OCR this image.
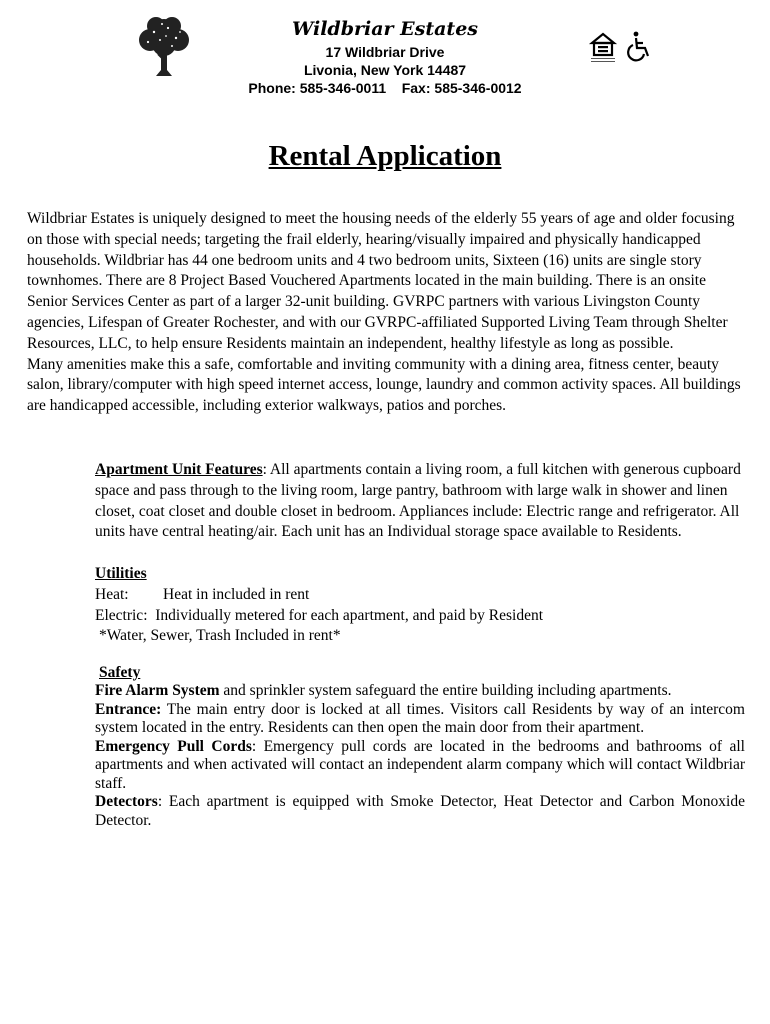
Wildbriar Estates
17 Wildbriar Drive
Livonia, New York 14487
Phone: 585-346-0011 Fax: 585-346-0012
Rental Application

Wildbriar Estates is uniquely designed to meet the housing needs of the elderly 55 years of age and older focusing on those with special needs; targeting the frail elderly, hearing/visually impaired and physically handicapped households. Wildbriar has 44 one bedroom units and 4 two bedroom units, Sixteen (16) units are single story townhomes. There are 8 Project Based Vouchered Apartments located in the main building. There is an onsite Senior Services Center as part of a larger 32-unit building. GVRPC partners with various Livingston County agencies, Lifespan of Greater Rochester, and with our GVRPC-affiliated Supported Living Team through Shelter Resources, LLC, to help ensure Residents maintain an independent, healthy lifestyle as long as possible.

Many amenities make this a safe, comfortable and inviting community with a dining area, fitness center, beauty salon, library/computer with high speed internet access, lounge, laundry and common activity spaces. All buildings are handicapped accessible, including exterior walkways, patios and porches.

Apartment Unit Features: All apartments contain a living room, a full kitchen with generous cupboard space and pass through to the living room, large pantry, bathroom with large walk in shower and linen closet, coat closet and double closet in bedroom. Appliances include: Electric range and refrigerator. All units have central heating/air. Each unit has an Individual storage space available to Residents.

Utilities
Heat: Heat in included in rent
Electric: Individually metered for each apartment, and paid by Resident
*Water, Sewer, Trash Included in rent*
Safety

Fire Alarm System and sprinkler system safeguard the entire building including apartments.

Entrance: The main entry door is locked at all times. Visitors call Residents by way of an intercom system located in the entry. Residents can then open the main door from their apartment.

Emergency Pull Cords: Emergency pull cords are located in the bedrooms and bathrooms of all apartments and when activated will contact an independent alarm company which will contact Wildbriar staff.

Detectors: Each apartment is equipped with Smoke Detector, Heat Detector and Carbon Monoxide Detector.
